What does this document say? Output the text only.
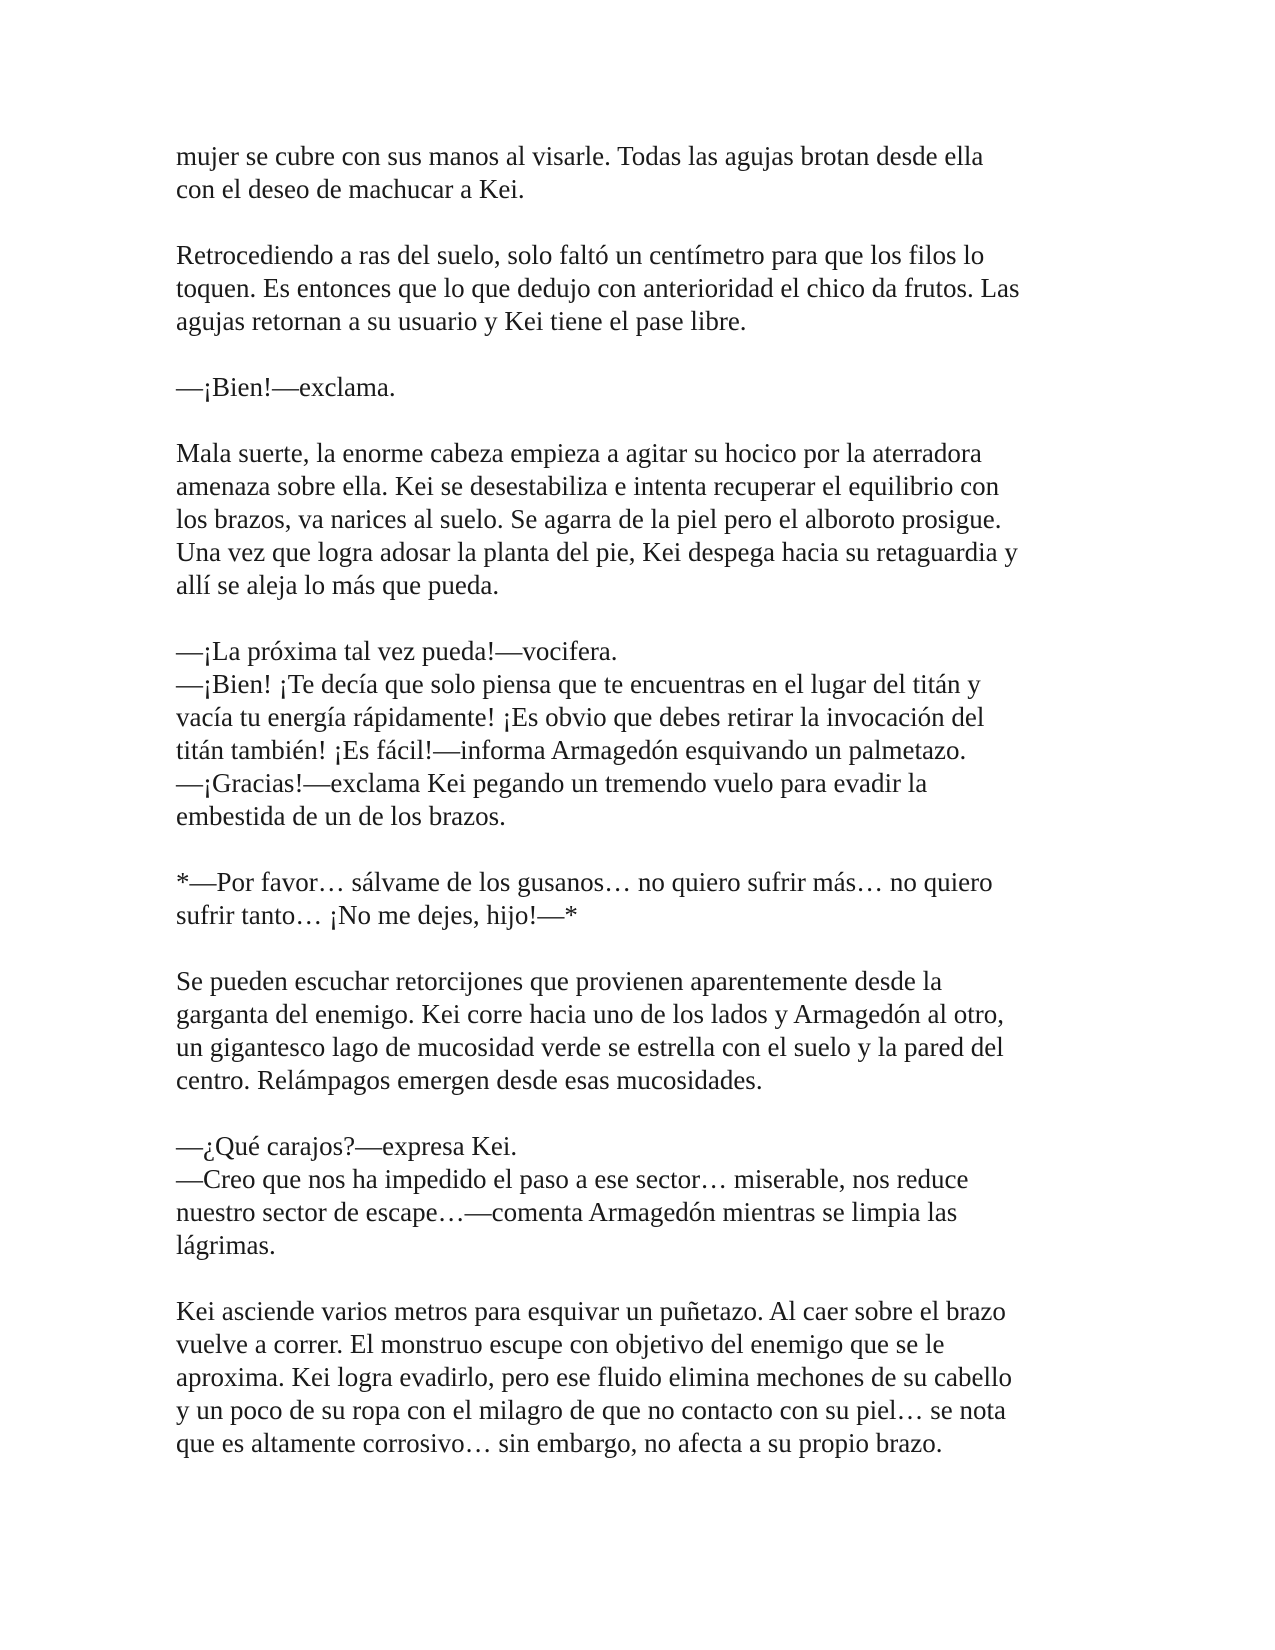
mujer se cubre con sus manos al visarle. Todas las agujas brotan desde ella
con el deseo de machucar a Kei.

Retrocediendo a ras del suelo, solo faltó un centímetro para que los filos lo
toquen. Es entonces que lo que dedujo con anterioridad el chico da frutos. Las
agujas retornan a su usuario y Kei tiene el pase libre.

—¡Bien!—exclama.

Mala suerte, la enorme cabeza empieza a agitar su hocico por la aterradora
amenaza sobre ella. Kei se desestabiliza e intenta recuperar el equilibrio con
los brazos, va narices al suelo. Se agarra de la piel pero el alboroto prosigue.
Una vez que logra adosar la planta del pie, Kei despega hacia su retaguardia y
allí se aleja lo más que pueda.

—¡La próxima tal vez pueda!—vocifera.
—¡Bien! ¡Te decía que solo piensa que te encuentras en el lugar del titán y
vacía tu energía rápidamente! ¡Es obvio que debes retirar la invocación del
titán también! ¡Es fácil!—informa Armagedón esquivando un palmetazo.
—¡Gracias!—exclama Kei pegando un tremendo vuelo para evadir la
embestida de un de los brazos.

*—Por favor… sálvame de los gusanos… no quiero sufrir más… no quiero
sufrir tanto… ¡No me dejes, hijo!—*

Se pueden escuchar retorcijones que provienen aparentemente desde la
garganta del enemigo. Kei corre hacia uno de los lados y Armagedón al otro,
un gigantesco lago de mucosidad verde se estrella con el suelo y la pared del
centro. Relámpagos emergen desde esas mucosidades.

—¿Qué carajos?—expresa Kei.
—Creo que nos ha impedido el paso a ese sector… miserable, nos reduce
nuestro sector de escape…—comenta Armagedón mientras se limpia las
lágrimas.

Kei asciende varios metros para esquivar un puñetazo. Al caer sobre el brazo
vuelve a correr. El monstruo escupe con objetivo del enemigo que se le
aproxima. Kei logra evadirlo, pero ese fluido elimina mechones de su cabello
y un poco de su ropa con el milagro de que no contacto con su piel… se nota
que es altamente corrosivo… sin embargo, no afecta a su propio brazo.
